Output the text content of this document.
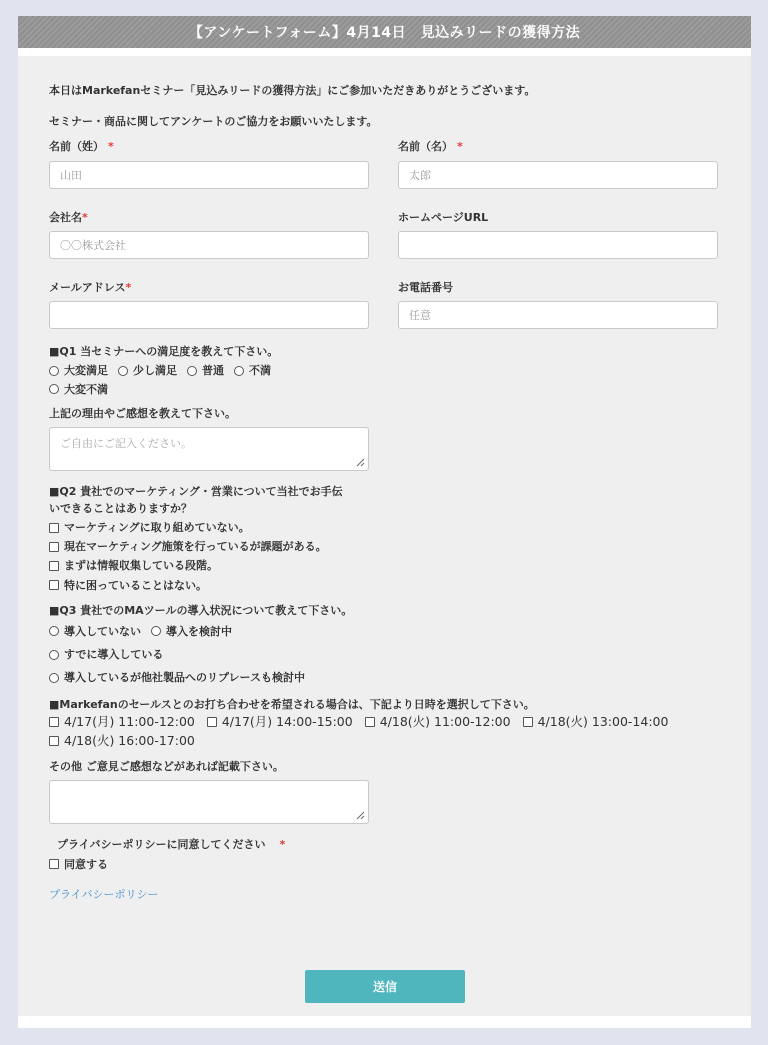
【アンケートフォーム】4月14日　見込みリードの獲得方法

本日はMarkefanセミナー「見込みリードの獲得方法」にご参加いただきありがとうございます。

セミナー・商品に関してアンケートのご協力をお願いいたします。

名前（姓） *
山田
名前（名） *
太郎
会社名*
〇〇株式会社
ホームページURL
メールアドレス*	お電話番号
任意

■Q1 当セミナーへの満足度を教えて下さい。

大変満足 少し満足 普通 不満
大変不満
上記の理由やご感想を教えて下さい。
ご自由にご記入ください。

■Q2 貴社でのマーケティング・営業について当社でお手伝
いできることはありますか？

マーケティングに取り組めていない。
現在マーケティング施策を行っているが課題がある。
まずは情報収集している段階。
特に困っていることはない。

■Q3 貴社でのMAツールの導入状況について教えて下さい。

導入していない 導入を検討中
すでに導入している
導入しているが他社製品へのリプレースも検討中

■Markefanのセールスとのお打ち合わせを希望される場合は、下記より日時を選択して下さい。

4/17(月) 11:00-12:00 4/17(月) 14:00-15:00 4/18(火) 11:00-12:00 4/18(火) 13:00-14:00
4/18(火) 16:00-17:00
その他 ご意見ご感想などがあれば記載下さい。
プライバシーポリシーに同意してください *
同意する
プライバシーポリシー
送信
